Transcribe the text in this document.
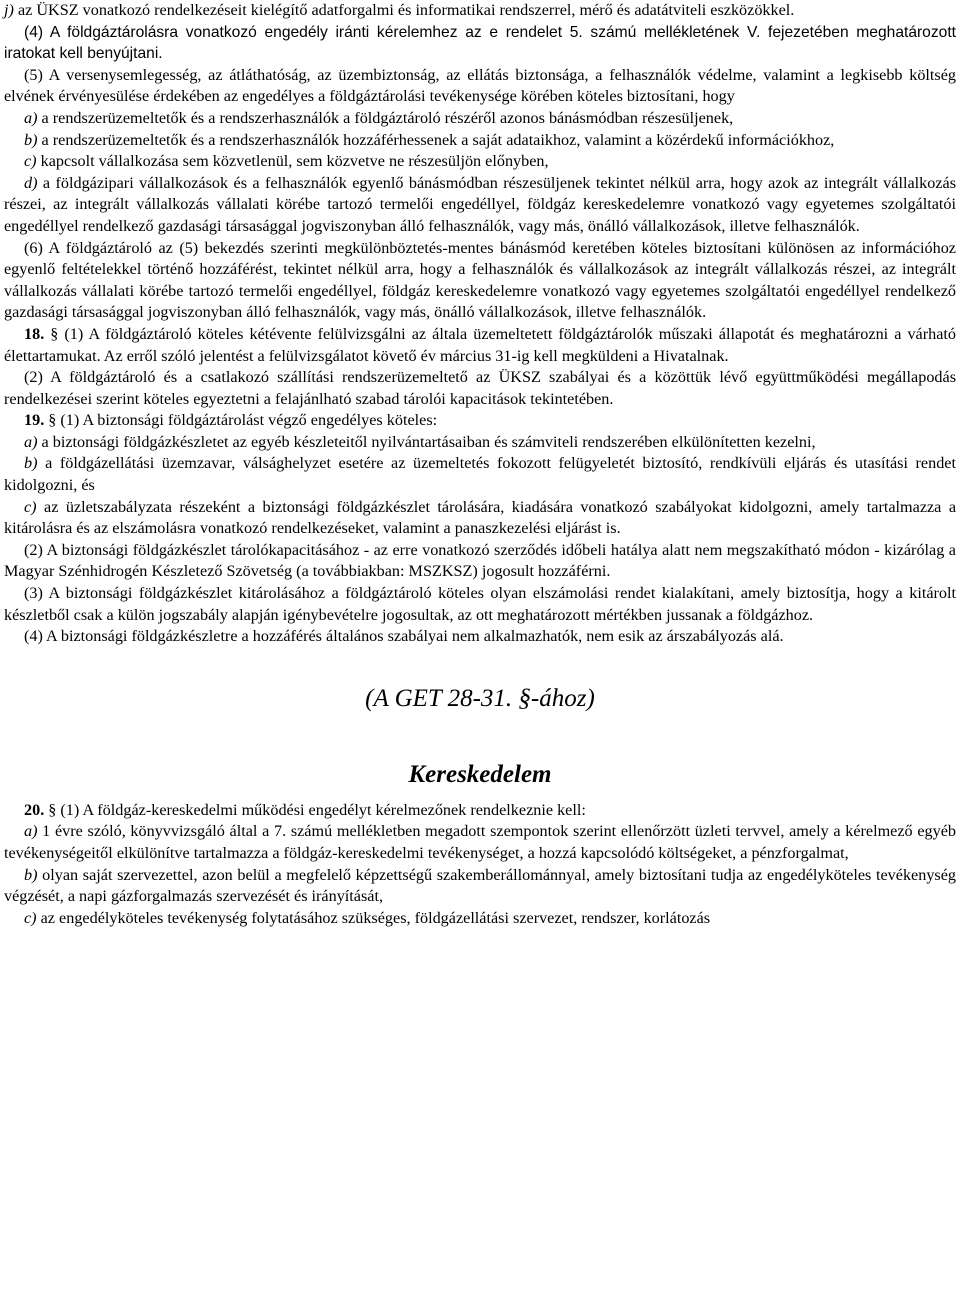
j) az ÜKSZ vonatkozó rendelkezéseit kielégítő adatforgalmi és informatikai rendszerrel, mérő és adatátviteli eszközökkel.

(4) A földgáztárolásra vonatkozó engedély iránti kérelemhez az e rendelet 5. számú mellékletének V. fejezetében meghatározott iratokat kell benyújtani.

(5) A versenysemlegesség, az átláthatóság, az üzembiztonság, az ellátás biztonsága, a felhasználók védelme, valamint a legkisebb költség elvének érvényesülése érdekében az engedélyes a földgáztárolási tevékenysége körében köteles biztosítani, hogy

a) a rendszerüzemeltetők és a rendszerhasználók a földgáztároló részéről azonos bánásmódban részesüljenek,

b) a rendszerüzemeltetők és a rendszerhasználók hozzáférhessenek a saját adataikhoz, valamint a közérdekű információkhoz,

c) kapcsolt vállalkozása sem közvetlenül, sem közvetve ne részesüljön előnyben,

d) a földgázipari vállalkozások és a felhasználók egyenlő bánásmódban részesüljenek tekintet nélkül arra, hogy azok az integrált vállalkozás részei, az integrált vállalkozás vállalati körébe tartozó termelői engedéllyel, földgáz kereskedelemre vonatkozó vagy egyetemes szolgáltatói engedéllyel rendelkező gazdasági társasággal jogviszonyban álló felhasználók, vagy más, önálló vállalkozások, illetve felhasználók.

(6) A földgáztároló az (5) bekezdés szerinti megkülönböztetés-mentes bánásmód keretében köteles biztosítani különösen az információhoz egyenlő feltételekkel történő hozzáférést, tekintet nélkül arra, hogy a felhasználók és vállalkozások az integrált vállalkozás részei, az integrált vállalkozás vállalati körébe tartozó termelői engedéllyel, földgáz kereskedelemre vonatkozó vagy egyetemes szolgáltatói engedéllyel rendelkező gazdasági társasággal jogviszonyban álló felhasználók, vagy más, önálló vállalkozások, illetve felhasználók.

18. § (1) A földgáztároló köteles kétévente felülvizsgálni az általa üzemeltetett földgáztárolók műszaki állapotát és meghatározni a várható élettartamukat. Az erről szóló jelentést a felülvizsgálatot követő év március 31-ig kell megküldeni a Hivatalnak.

(2) A földgáztároló és a csatlakozó szállítási rendszerüzemeltető az ÜKSZ szabályai és a közöttük lévő együttműködési megállapodás rendelkezései szerint köteles egyeztetni a felajánlható szabad tárolói kapacitások tekintetében.

19. § (1) A biztonsági földgáztárolást végző engedélyes köteles:

a) a biztonsági földgázkészletet az egyéb készleteitől nyilvántartásaiban és számviteli rendszerében elkülönítetten kezelni,

b) a földgázellátási üzemzavar, válsághelyzet esetére az üzemeltetés fokozott felügyeletét biztosító, rendkívüli eljárás és utasítási rendet kidolgozni, és

c) az üzletszabályzata részeként a biztonsági földgázkészlet tárolására, kiadására vonatkozó szabályokat kidolgozni, amely tartalmazza a kitárolásra és az elszámolásra vonatkozó rendelkezéseket, valamint a panaszkezelési eljárást is.

(2) A biztonsági földgázkészlet tárolókapacitásához - az erre vonatkozó szerződés időbeli hatálya alatt nem megszakítható módon - kizárólag a Magyar Szénhidrogén Készletező Szövetség (a továbbiakban: MSZKSZ) jogosult hozzáférni.

(3) A biztonsági földgázkészlet kitárolásához a földgáztároló köteles olyan elszámolási rendet kialakítani, amely biztosítja, hogy a kitárolt készletből csak a külön jogszabály alapján igénybevételre jogosultak, az ott meghatározott mértékben jussanak a földgázhoz.

(4) A biztonsági földgázkészletre a hozzáférés általános szabályai nem alkalmazhatók, nem esik az árszabályozás alá.

(A GET 28-31. §-ához)

Kereskedelem

20. § (1) A földgáz-kereskedelmi működési engedélyt kérelmezőnek rendelkeznie kell:

a) 1 évre szóló, könyvvizsgáló által a 7. számú mellékletben megadott szempontok szerint ellenőrzött üzleti tervvel, amely a kérelmező egyéb tevékenységeitől elkülönítve tartalmazza a földgáz-kereskedelmi tevékenységet, a hozzá kapcsolódó költségeket, a pénzforgalmat,

b) olyan saját szervezettel, azon belül a megfelelő képzettségű szakemberállománnyal, amely biztosítani tudja az engedélyköteles tevékenység végzését, a napi gázforgalmazás szervezését és irányítását,

c) az engedélyköteles tevékenység folytatásához szükséges, földgázellátási szervezet, rendszer, korlátozás
